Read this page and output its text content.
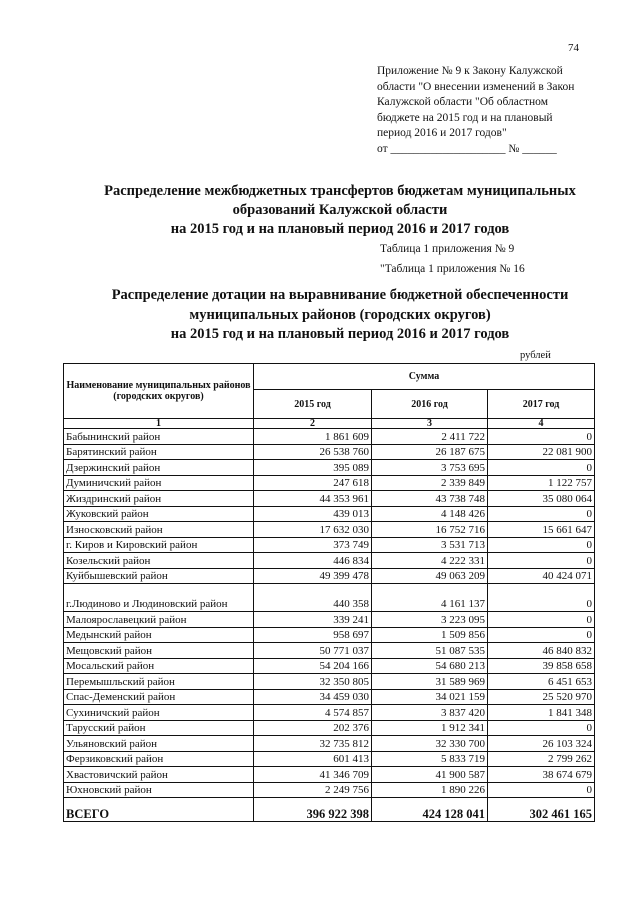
74
Приложение № 9 к Закону Калужской
области "О внесении изменений в Закон
Калужской области "Об областном
бюджете на 2015 год и на плановый
период 2016 и 2017 годов"
от ____________________ № ______
Распределение межбюджетных трансфертов бюджетам муниципальных
образований Калужской области
на 2015 год и на плановый период 2016 и 2017 годов
Таблица 1 приложения № 9
"Таблица 1 приложения № 16
Распределение дотации на выравнивание бюджетной обеспеченности
муниципальных районов (городских округов)
на 2015 год и на плановый период 2016 и 2017 годов
рублей
Наименование муниципальных районов (городских округов)	Сумма		
	2015 год	2016 год	2017 год
1	2	3	4
Бабынинский район	1 861 609	2 411 722	0
Барятинский район	26 538 760	26 187 675	22 081 900
Дзержинский район	395 089	3 753 695	0
Думиничский район	247 618	2 339 849	1 122 757
Жиздринский район	44 353 961	43 738 748	35 080 064
Жуковский район	439 013	4 148 426	0
Износковский район	17 632 030	16 752 716	15 661 647
г. Киров и Кировский район	373 749	3 531 713	0
Козельский район	446 834	4 222 331	0
Куйбышевский район	49 399 478	49 063 209	40 424 071
г.Людиново и Людиновский район	440 358	4 161 137	0
Малоярославецкий район	339 241	3 223 095	0
Медынский район	958 697	1 509 856	0
Мещовский район	50 771 037	51 087 535	46 840 832
Мосальский район	54 204 166	54 680 213	39 858 658
Перемышльский район	32 350 805	31 589 969	6 451 653
Спас-Деменский район	34 459 030	34 021 159	25 520 970
Сухиничский район	4 574 857	3 837 420	1 841 348
Тарусский район	202 376	1 912 341	0
Ульяновский район	32 735 812	32 330 700	26 103 324
Ферзиковский район	601 413	5 833 719	2 799 262
Хвастовичский район	41 346 709	41 900 587	38 674 679
Юхновский район	2 249 756	1 890 226	0
ВСЕГО	396 922 398	424 128 041	302 461 165
